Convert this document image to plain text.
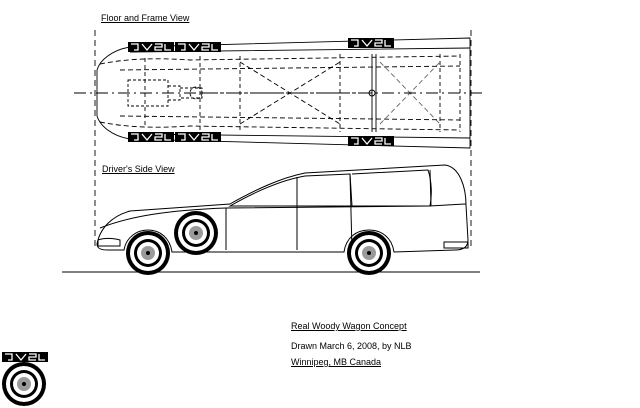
Floor and Frame View
Driver's Side View
Real Woody Wagon Concept
Drawn March 6, 2008, by NLB
Winnipeg, MB Canada
